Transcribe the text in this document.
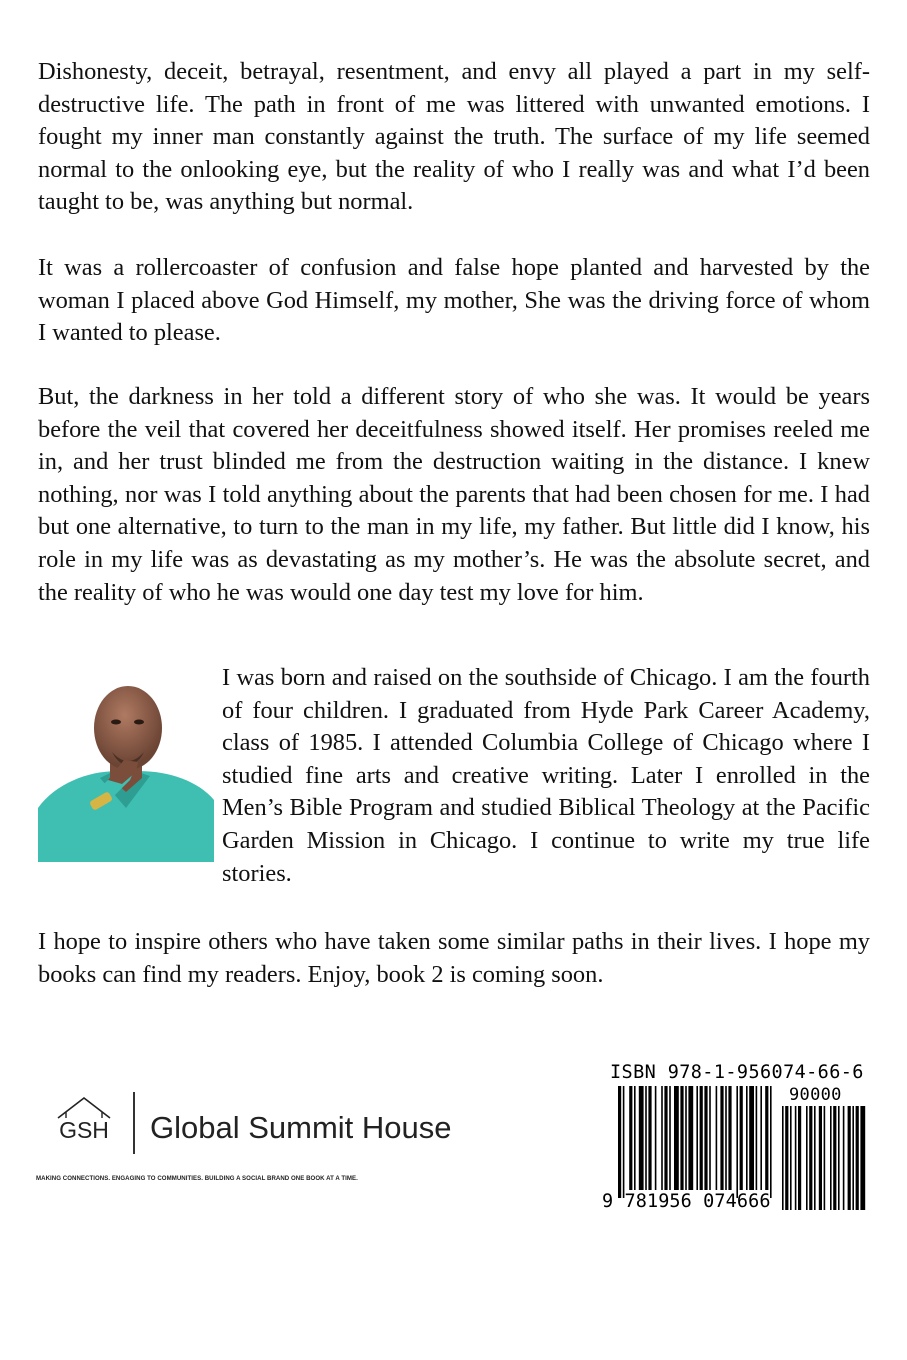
Dishonesty, deceit, betrayal, resentment, and envy all played a part in my self-destructive life. The path in front of me was littered with unwanted emotions. I fought my inner man constantly against the truth. The surface of my life seemed normal to the onlooking eye, but the reality of who I really was and what I’d been taught to be, was anything but normal.

It was a rollercoaster of confusion and false hope planted and harvested by the woman I placed above God Himself, my mother, She was the driving force of whom I wanted to please.

But, the darkness in her told a different story of who she was. It would be years before the veil that covered her deceitfulness showed itself. Her promises reeled me in, and her trust blinded me from the destruction waiting in the distance. I knew nothing, nor was I told anything about the parents that had been chosen for me. I had but one alternative, to turn to the man in my life, my father. But little did I know, his role in my life was as devastating as my mother’s. He was the absolute secret, and the reality of who he was would one day test my love for him.

I was born and raised on the southside of Chicago. I am the fourth of four children. I graduated from Hyde Park Career Academy, class of 1985. I attended Columbia College of Chicago where I studied fine arts and creative writing. Later I enrolled in the Men’s Bible Program and studied Biblical Theology at the Pacific Garden Mission in Chicago. I continue to write my true life stories.

I hope to inspire others who have taken some similar paths in their lives. I hope my books can find my readers. Enjoy, book 2 is coming soon.

GSH Global Summit House
MAKING CONNECTIONS. ENGAGING TO COMMUNITIES. BUILDING A SOCIAL BRAND ONE BOOK AT A TIME.
ISBN 978-1-956074-66-6
90000
9 781956 074666
